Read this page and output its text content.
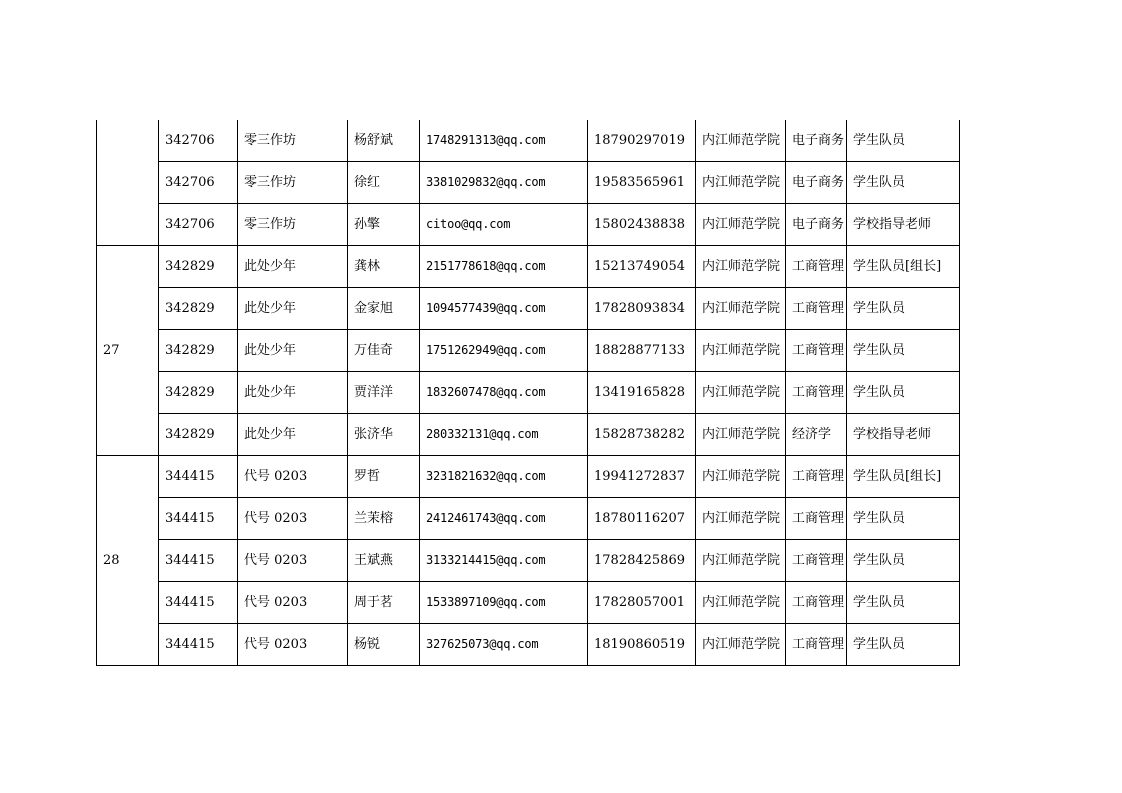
	342706	零三作坊	杨舒斌	1748291313@qq.com	18790297019	内江师范学院	电子商务	学生队员
	342706	零三作坊	徐红	3381029832@qq.com	19583565961	内江师范学院	电子商务	学生队员
	342706	零三作坊	孙擎	citoo@qq.com	15802438838	内江师范学院	电子商务	学校指导老师
27	342829	此处少年	龚林	2151778618@qq.com	15213749054	内江师范学院	工商管理	学生队员[组长]
	342829	此处少年	金家旭	1094577439@qq.com	17828093834	内江师范学院	工商管理	学生队员
	342829	此处少年	万佳奇	1751262949@qq.com	18828877133	内江师范学院	工商管理	学生队员
	342829	此处少年	贾洋洋	1832607478@qq.com	13419165828	内江师范学院	工商管理	学生队员
	342829	此处少年	张济华	280332131@qq.com	15828738282	内江师范学院	经济学	学校指导老师
28	344415	代号 0203	罗哲	3231821632@qq.com	19941272837	内江师范学院	工商管理	学生队员[组长]
	344415	代号 0203	兰茉榕	2412461743@qq.com	18780116207	内江师范学院	工商管理	学生队员
	344415	代号 0203	王斌燕	3133214415@qq.com	17828425869	内江师范学院	工商管理	学生队员
	344415	代号 0203	周于茗	1533897109@qq.com	17828057001	内江师范学院	工商管理	学生队员
	344415	代号 0203	杨锐	327625073@qq.com	18190860519	内江师范学院	工商管理	学生队员
